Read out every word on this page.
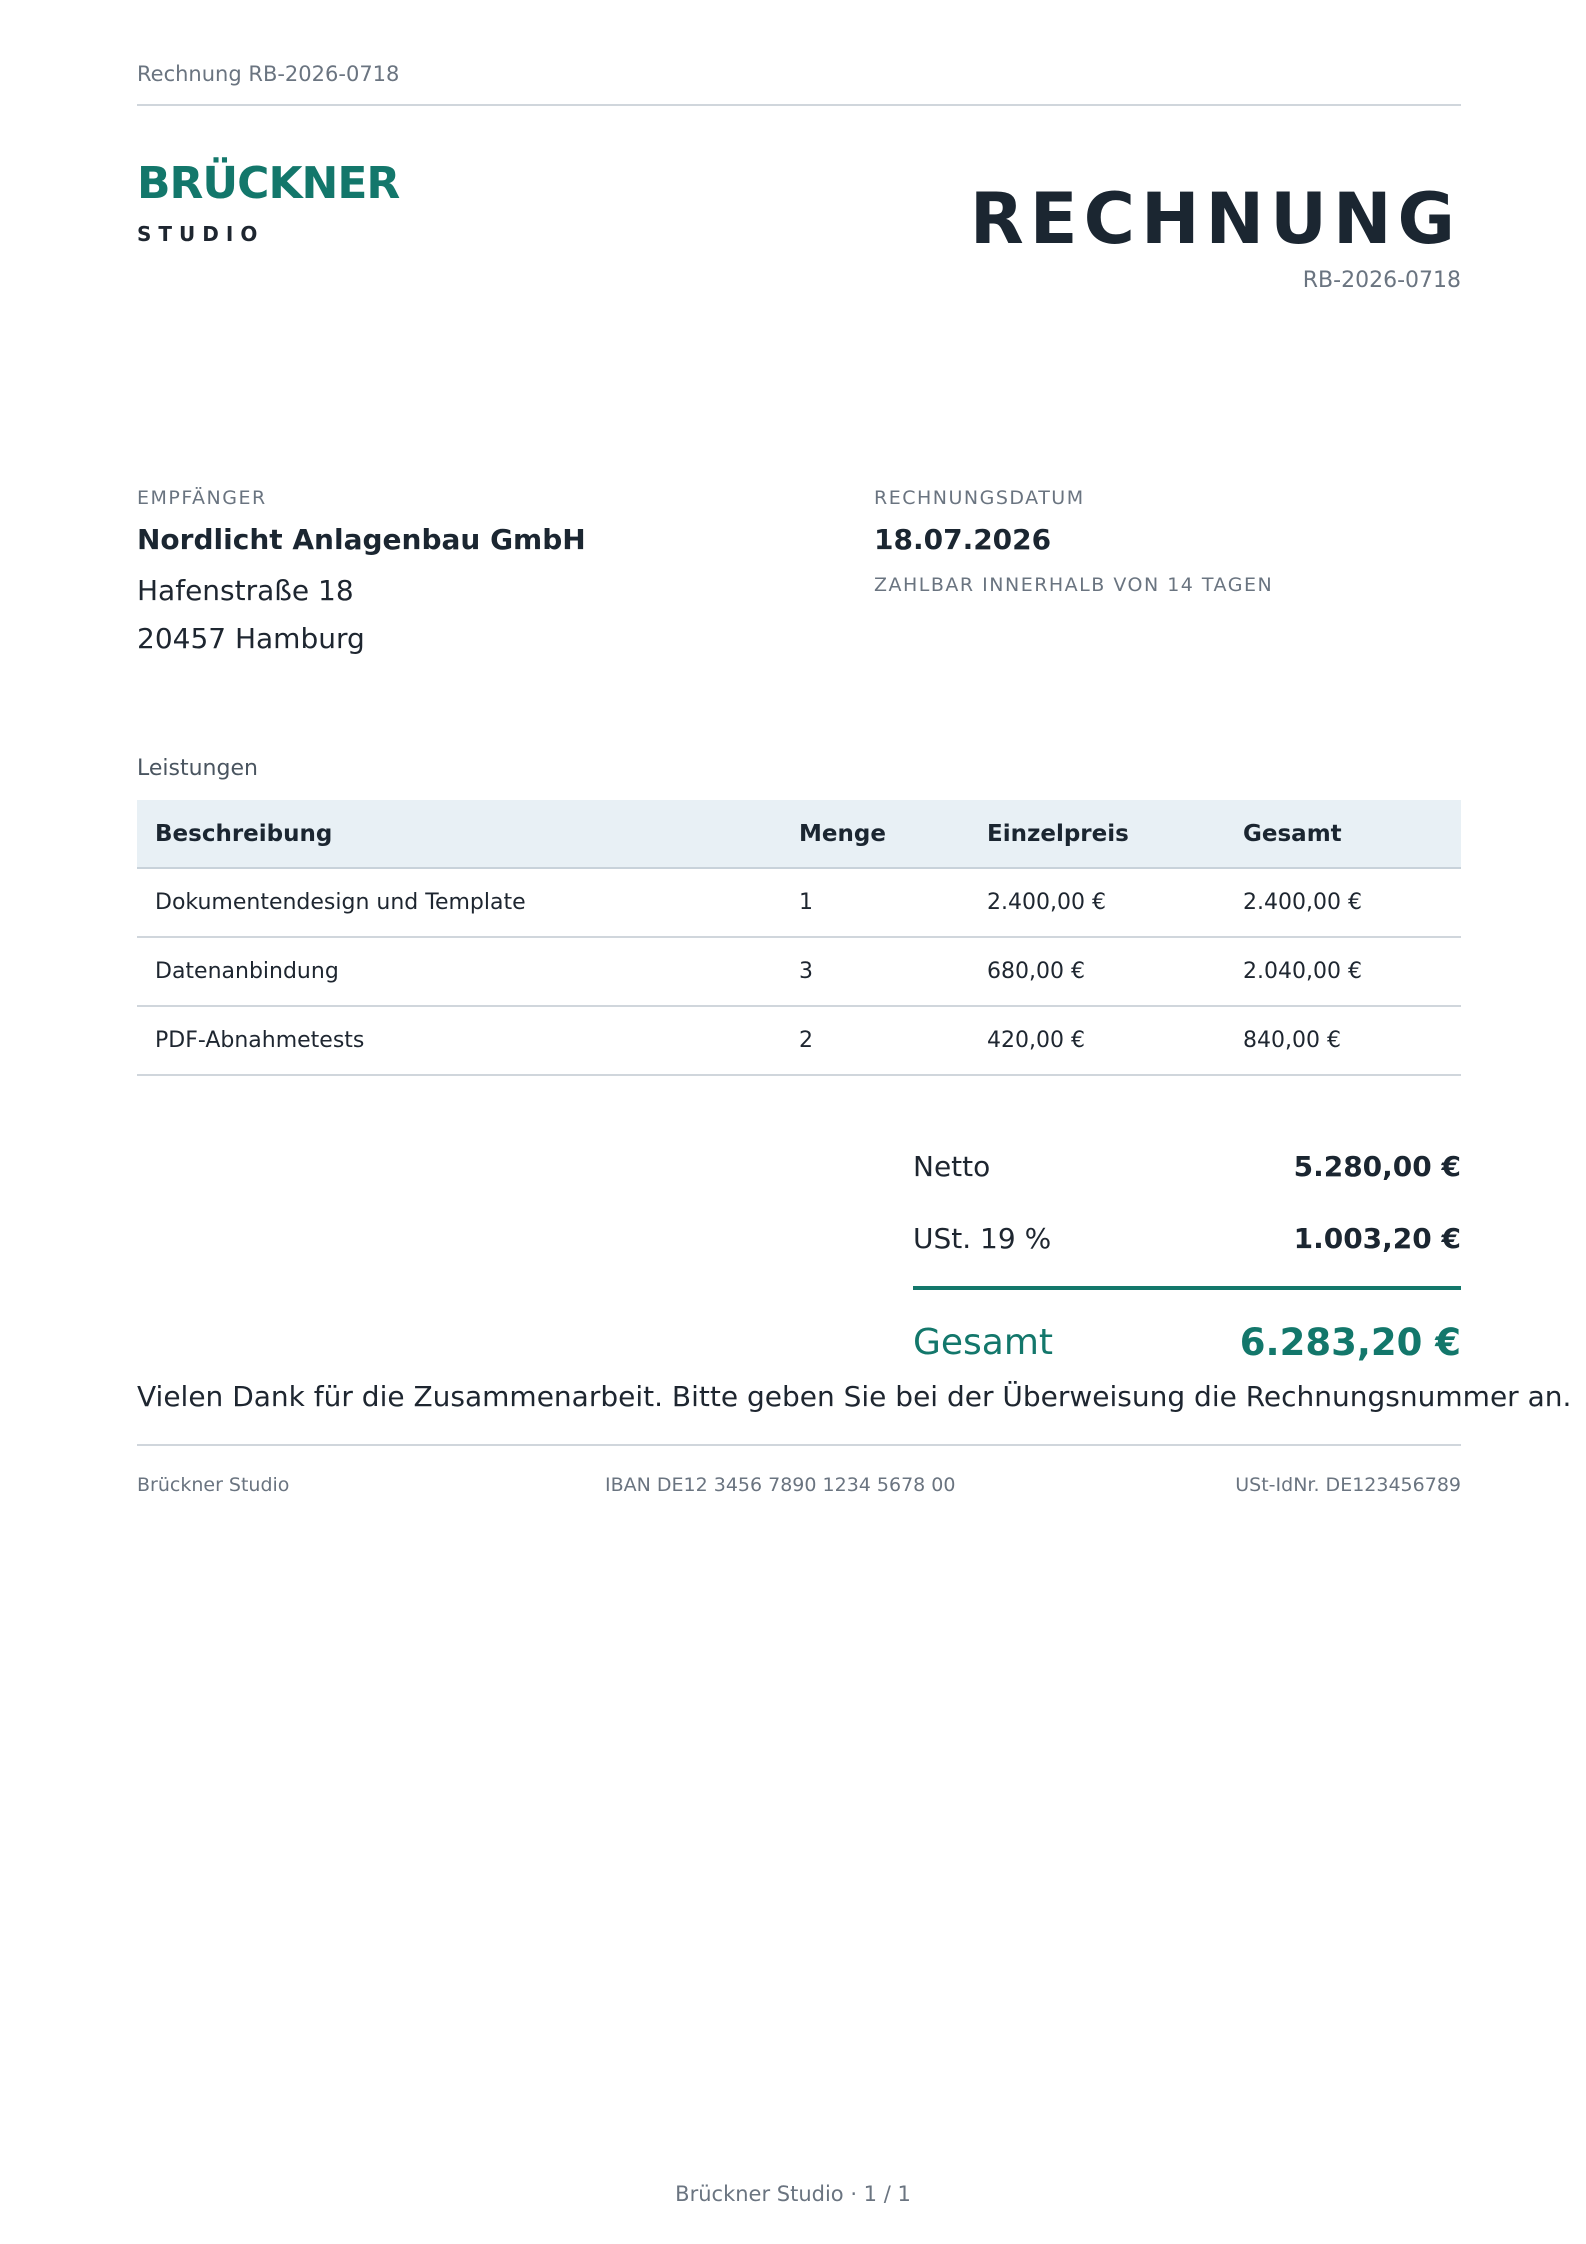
Rechnung RB-2026-0718
BRÜCKNER
STUDIO	RECHNUNG
RB-2026-0718
EMPFÄNGER
Nordlicht Anlagenbau GmbH
Hafenstraße 18
20457 Hamburg
RECHNUNGSDATUM
18.07.2026
ZAHLBAR INNERHALB VON 14 TAGEN
Leistungen
Beschreibung	Menge	Einzelpreis	Gesamt
Dokumentendesign und Template	1	2.400,00 €	2.400,00 €
Datenanbindung	3	680,00 €	2.040,00 €
PDF-Abnahmetests	2	420,00 €	840,00 €
Netto	5.280,00 €
USt. 19 %	1.003,20 €
Gesamt	6.283,20 €
Vielen Dank für die Zusammenarbeit. Bitte geben Sie bei der Überweisung die Rechnungsnummer an.
Brückner Studio	IBAN DE12 3456 7890 1234 5678 00	USt-IdNr. DE123456789
Brückner Studio · 1 / 1
